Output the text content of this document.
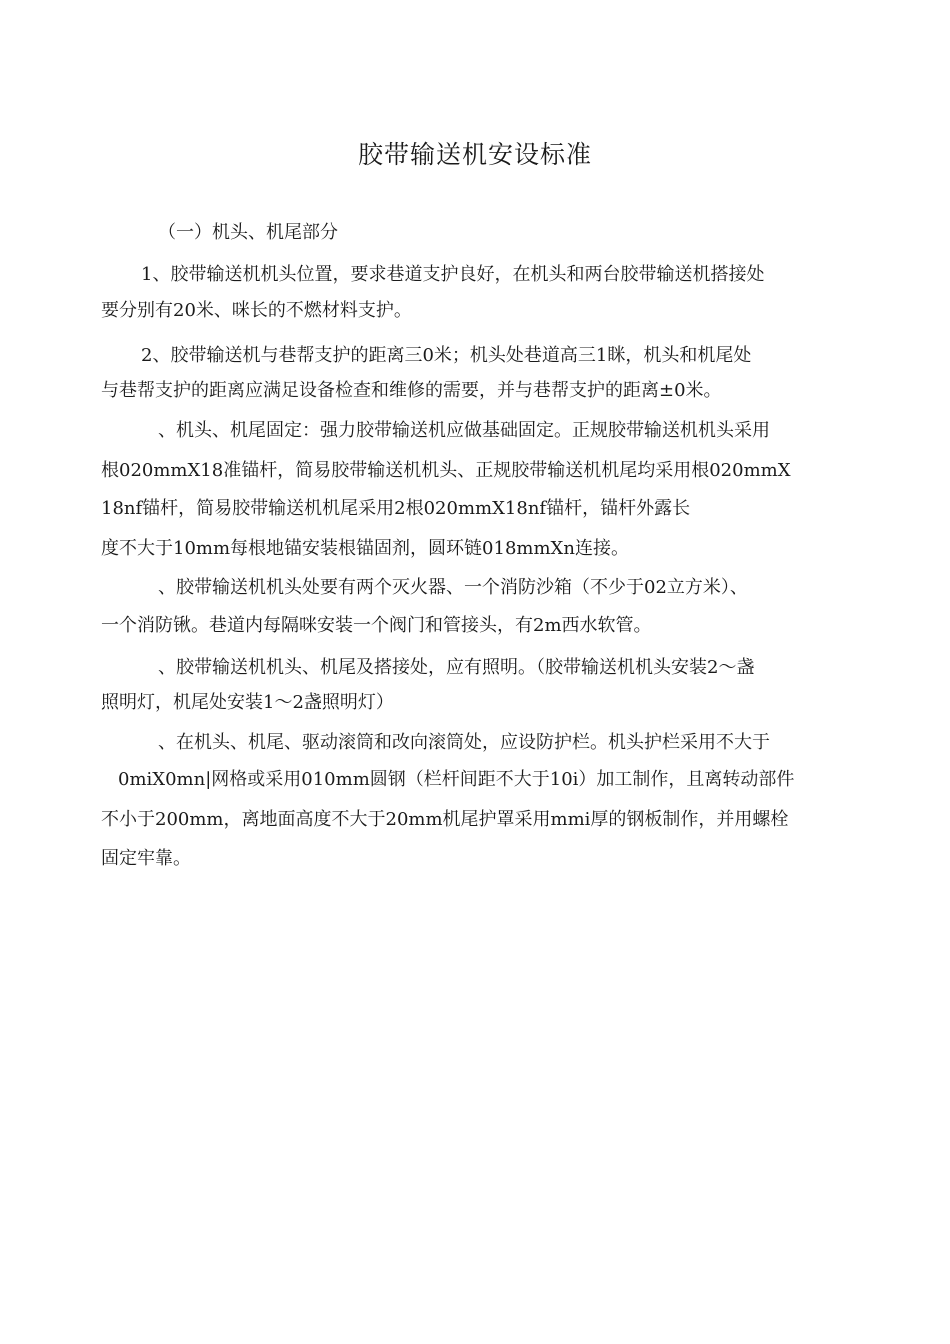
胶带输送机安设标准
（一）机头、机尾部分
1、胶带输送机机头位置，要求巷道支护良好，在机头和两台胶带输送机搭接处
要分别有20米、咪长的不燃材料支护。
2、胶带输送机与巷帮支护的距离三0米；机头处巷道高三1眯，机头和机尾处
与巷帮支护的距离应满足设备检查和维修的需要，并与巷帮支护的距离±0米。
、机头、机尾固定：强力胶带输送机应做基础固定。正规胶带输送机机头采用
根020mmX18准锚杆，简易胶带输送机机头、正规胶带输送机机尾均采用根020mmX
18nf锚杆，简易胶带输送机机尾采用2根020mmX18nf锚杆，锚杆外露长
度不大于10mm每根地锚安装根锚固剂，圆环链018mmXn连接。
、胶带输送机机头处要有两个灭火器、一个消防沙箱（不少于02立方米）、
一个消防锹。巷道内每隔咪安装一个阀门和管接头，有2m西水软管。
、胶带输送机机头、机尾及搭接处，应有照明。（胶带输送机机头安装2〜盏
照明灯，机尾处安装1〜2盏照明灯）
、在机头、机尾、驱动滚筒和改向滚筒处，应设防护栏。机头护栏采用不大于
0miX0mn|网格或采用010mm圆钢（栏杆间距不大于10i）加工制作，且离转动部件
不小于200mm，离地面高度不大于20mm机尾护罩采用mmi厚的钢板制作，并用螺栓
固定牢靠。
